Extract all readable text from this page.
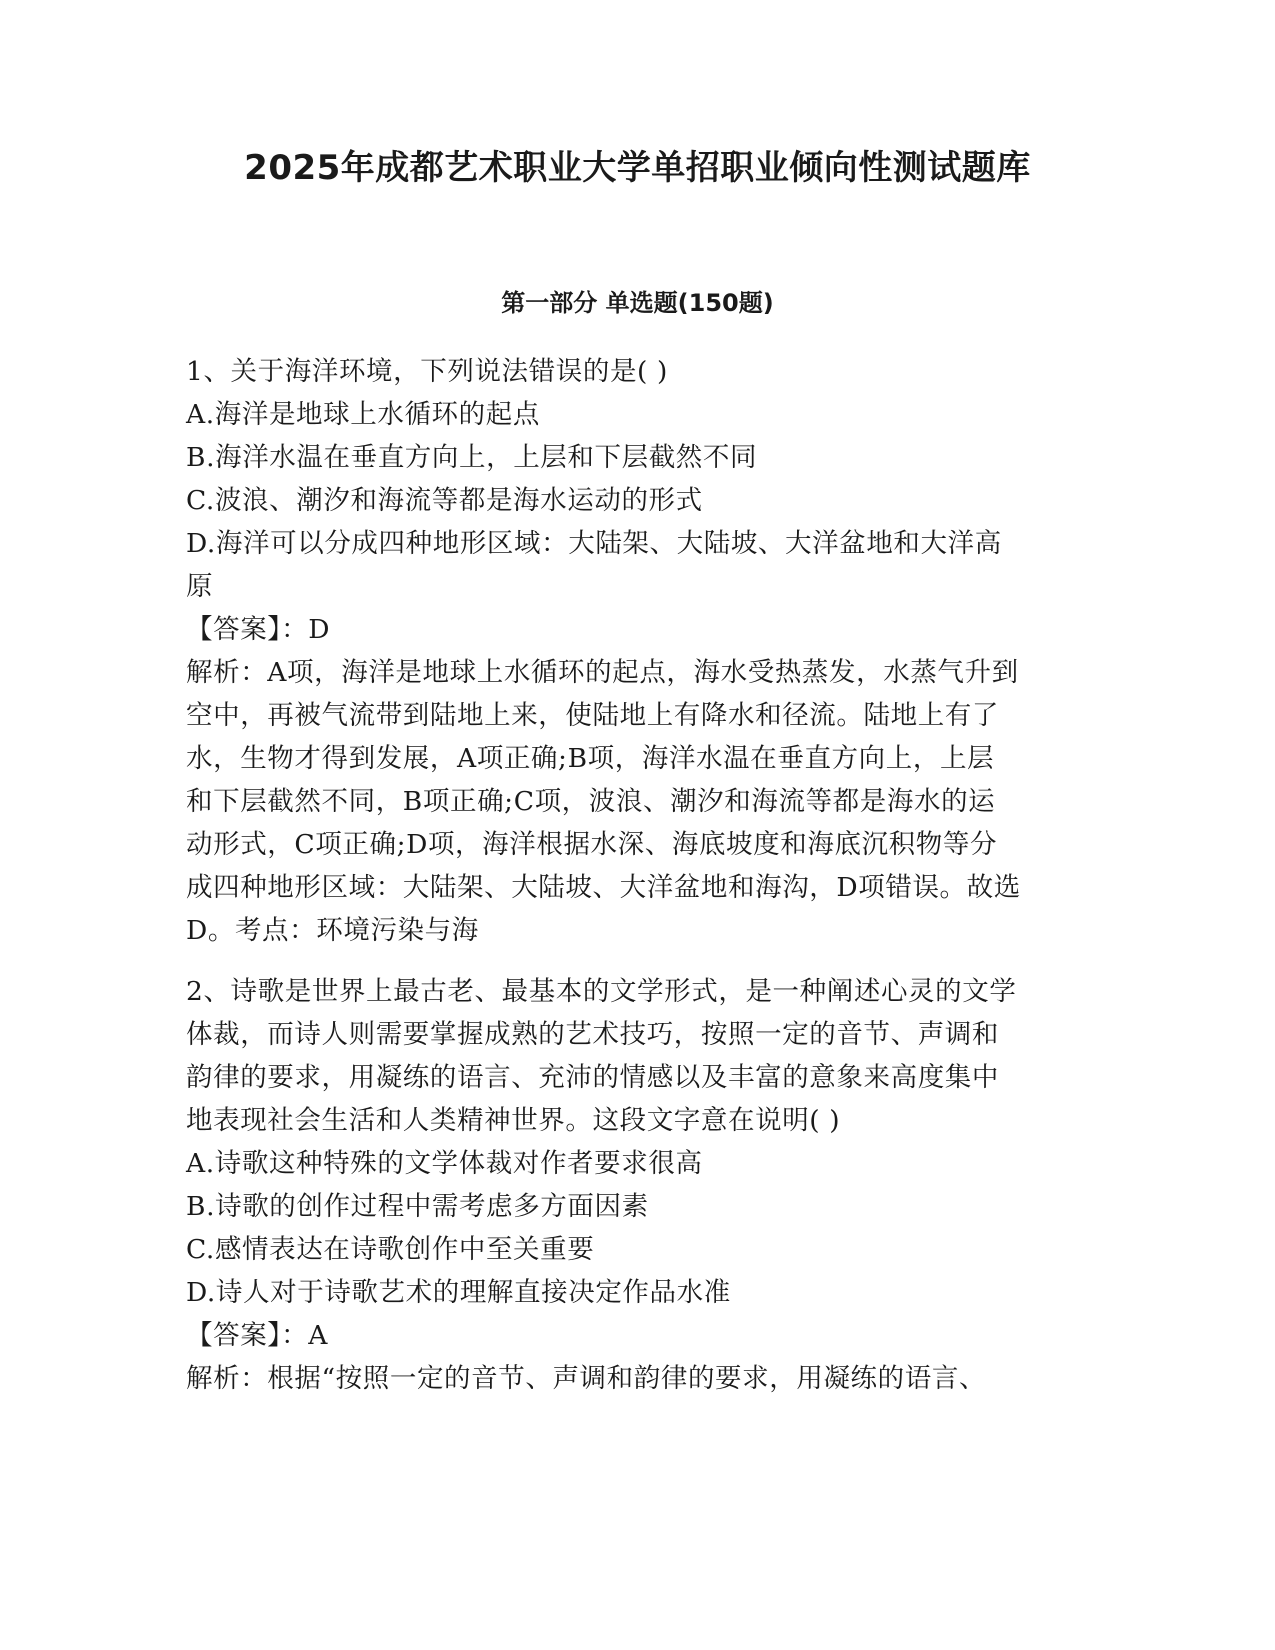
2025年成都艺术职业大学单招职业倾向性测试题库
第一部分 单选题(150题)
1、关于海洋环境，下列说法错误的是( )
A.海洋是地球上水循环的起点
B.海洋水温在垂直方向上，上层和下层截然不同
C.波浪、潮汐和海流等都是海水运动的形式
D.海洋可以分成四种地形区域：大陆架、大陆坡、大洋盆地和大洋高
原
【答案】：D
解析：A项，海洋是地球上水循环的起点，海水受热蒸发，水蒸气升到
空中，再被气流带到陆地上来，使陆地上有降水和径流。陆地上有了
水，生物才得到发展，A项正确;B项，海洋水温在垂直方向上，上层
和下层截然不同，B项正确;C项，波浪、潮汐和海流等都是海水的运
动形式，C项正确;D项，海洋根据水深、海底坡度和海底沉积物等分
成四种地形区域：大陆架、大陆坡、大洋盆地和海沟，D项错误。故选
D。考点：环境污染与海
2、诗歌是世界上最古老、最基本的文学形式，是一种阐述心灵的文学
体裁，而诗人则需要掌握成熟的艺术技巧，按照一定的音节、声调和
韵律的要求，用凝练的语言、充沛的情感以及丰富的意象来高度集中
地表现社会生活和人类精神世界。这段文字意在说明( )
A.诗歌这种特殊的文学体裁对作者要求很高
B.诗歌的创作过程中需考虑多方面因素
C.感情表达在诗歌创作中至关重要
D.诗人对于诗歌艺术的理解直接决定作品水准
【答案】：A
解析：根据“按照一定的音节、声调和韵律的要求，用凝练的语言、
